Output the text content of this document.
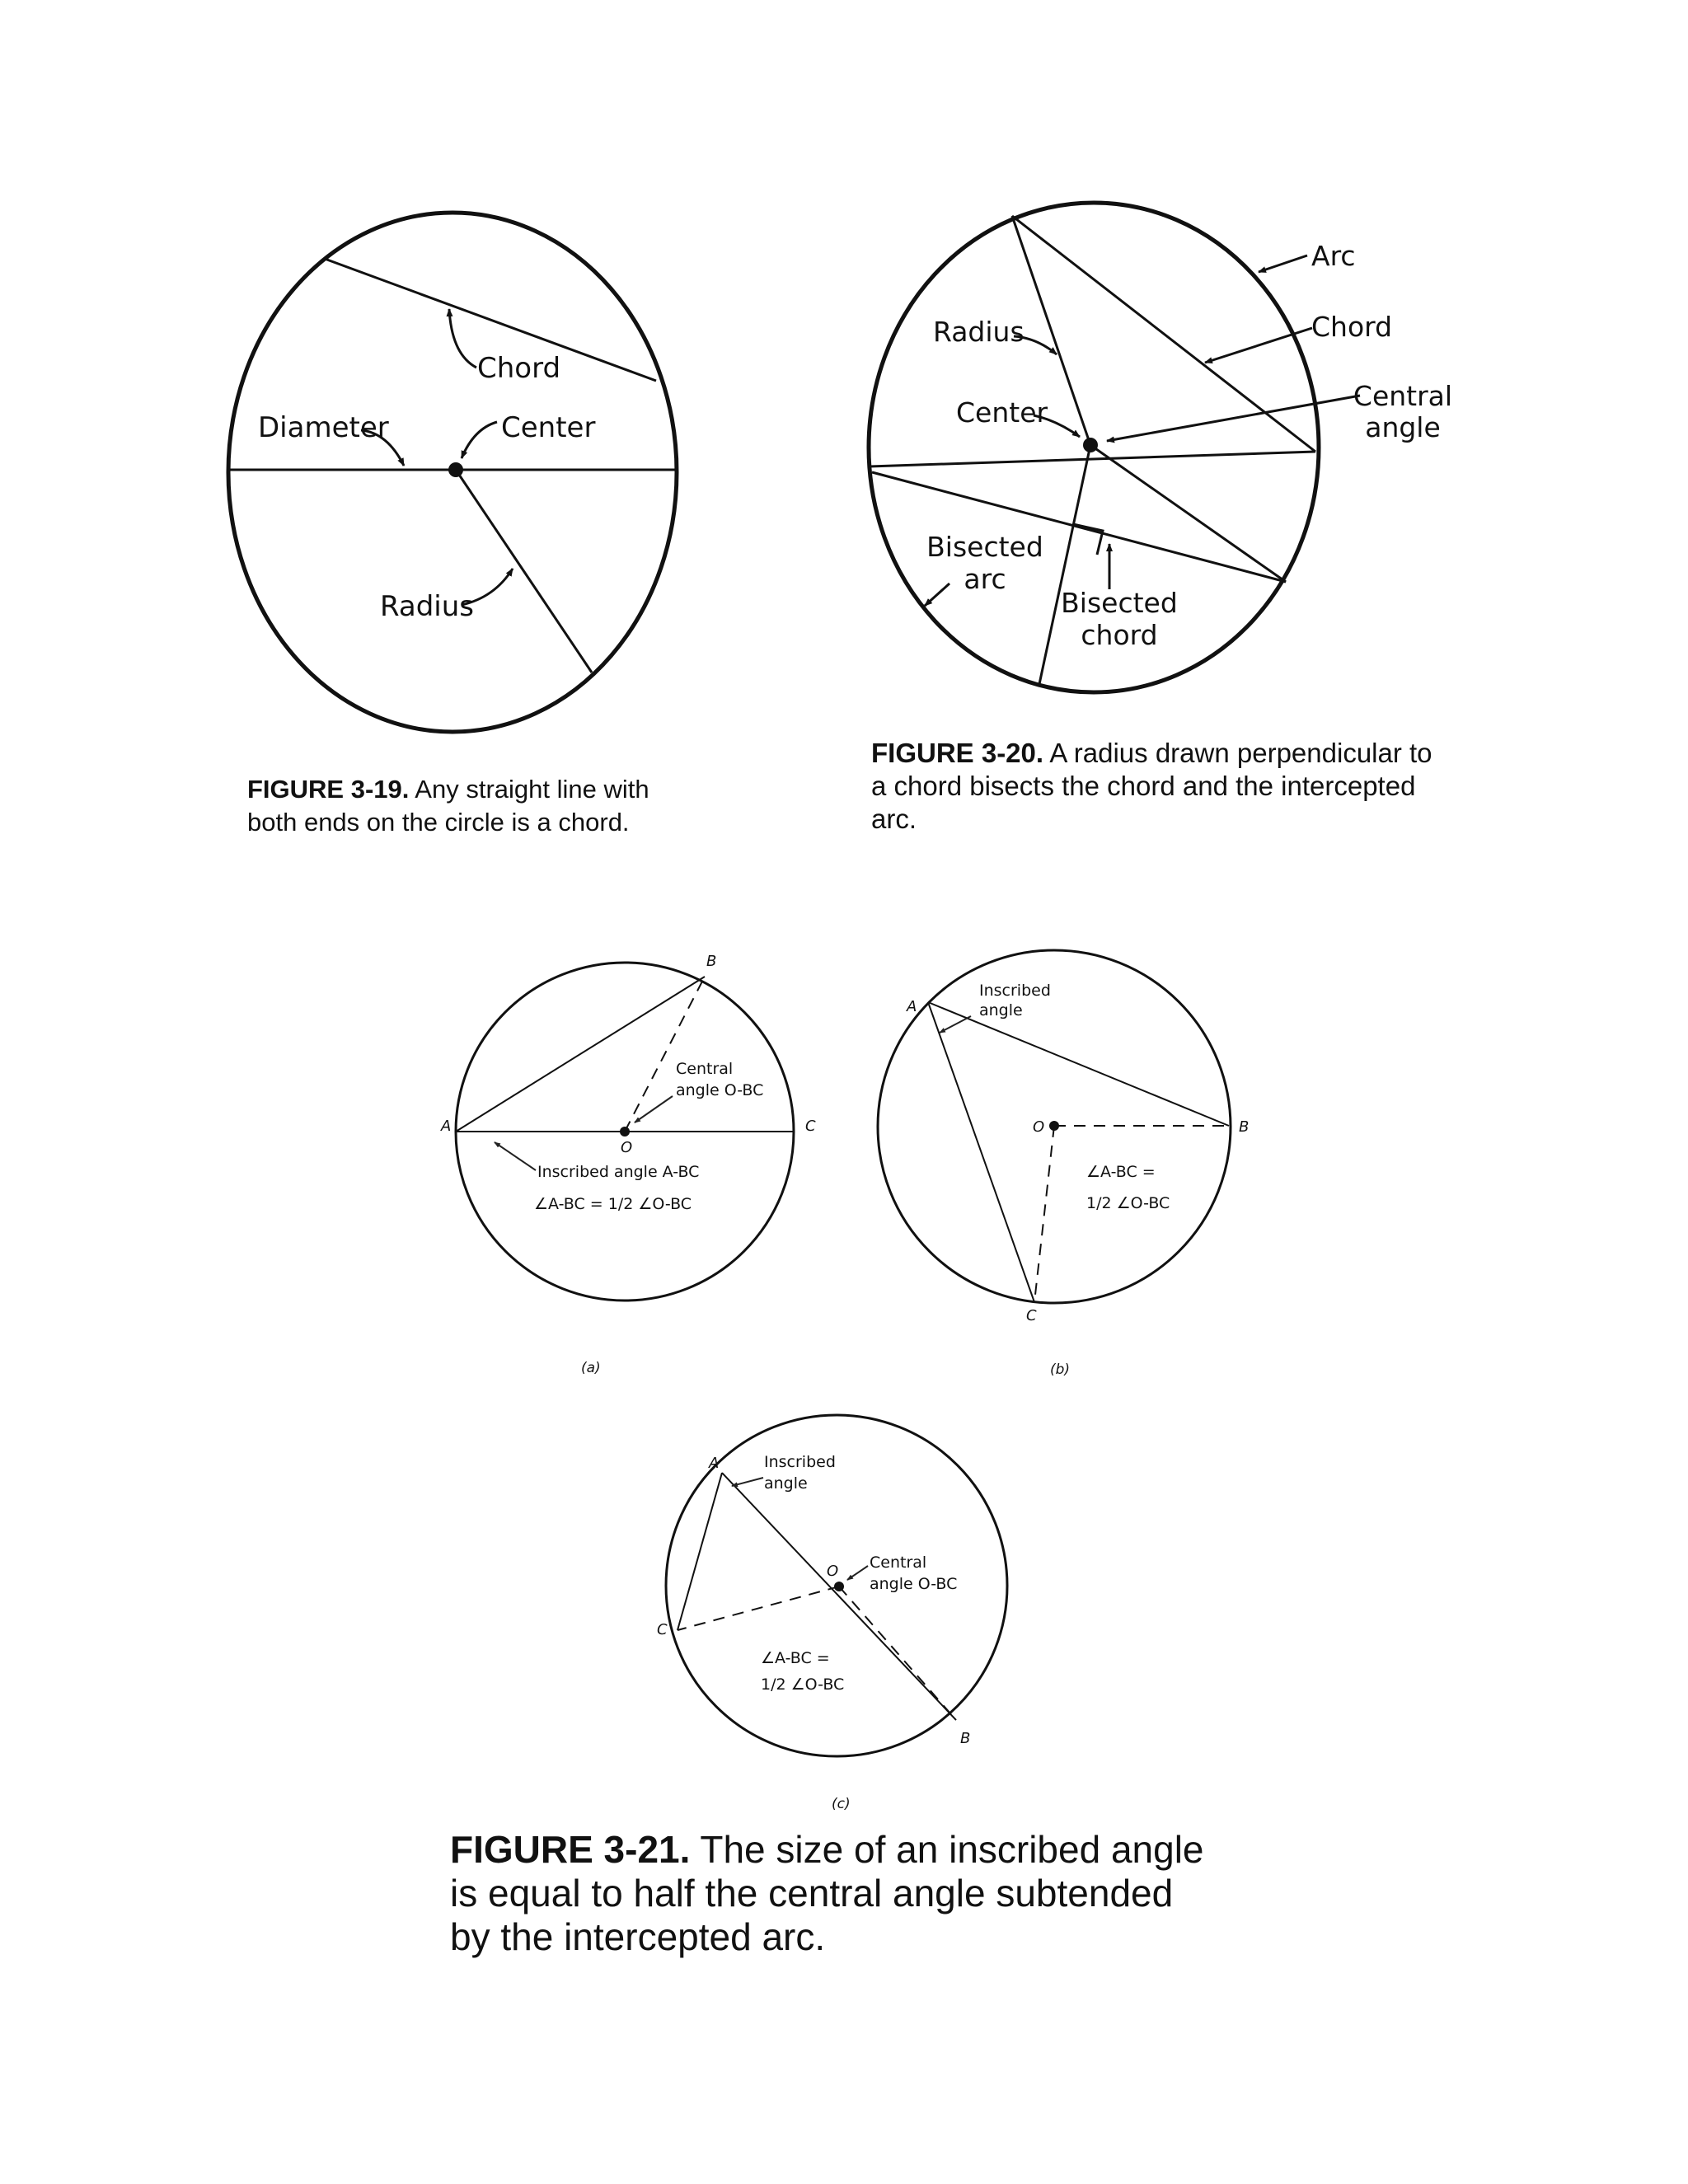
Chord
Diameter	Center
Radius
FIGURE 3-19. Any straight line with
both ends on the circle is a chord.
Arc
Chord
Central
angle
Radius
Center
Bisected
arc
Bisected
chord
FIGURE 3-20. A radius drawn perpendicular to
a chord bisects the chord and the intercepted
arc.
A
B
C
O
Central
angle O-BC
Inscribed angle A-BC
∠A-BC = 1/2 ∠O-BC
(a)
A
B
C
O
Inscribed
angle
∠A-BC =
1/2 ∠O-BC
(b)
A
B
C
O
Inscribed
angle
Central
angle O-BC
∠A-BC =
1/2 ∠O-BC
(c)
FIGURE 3-21. The size of an inscribed angle
is equal to half the central angle subtended
by the intercepted arc.
